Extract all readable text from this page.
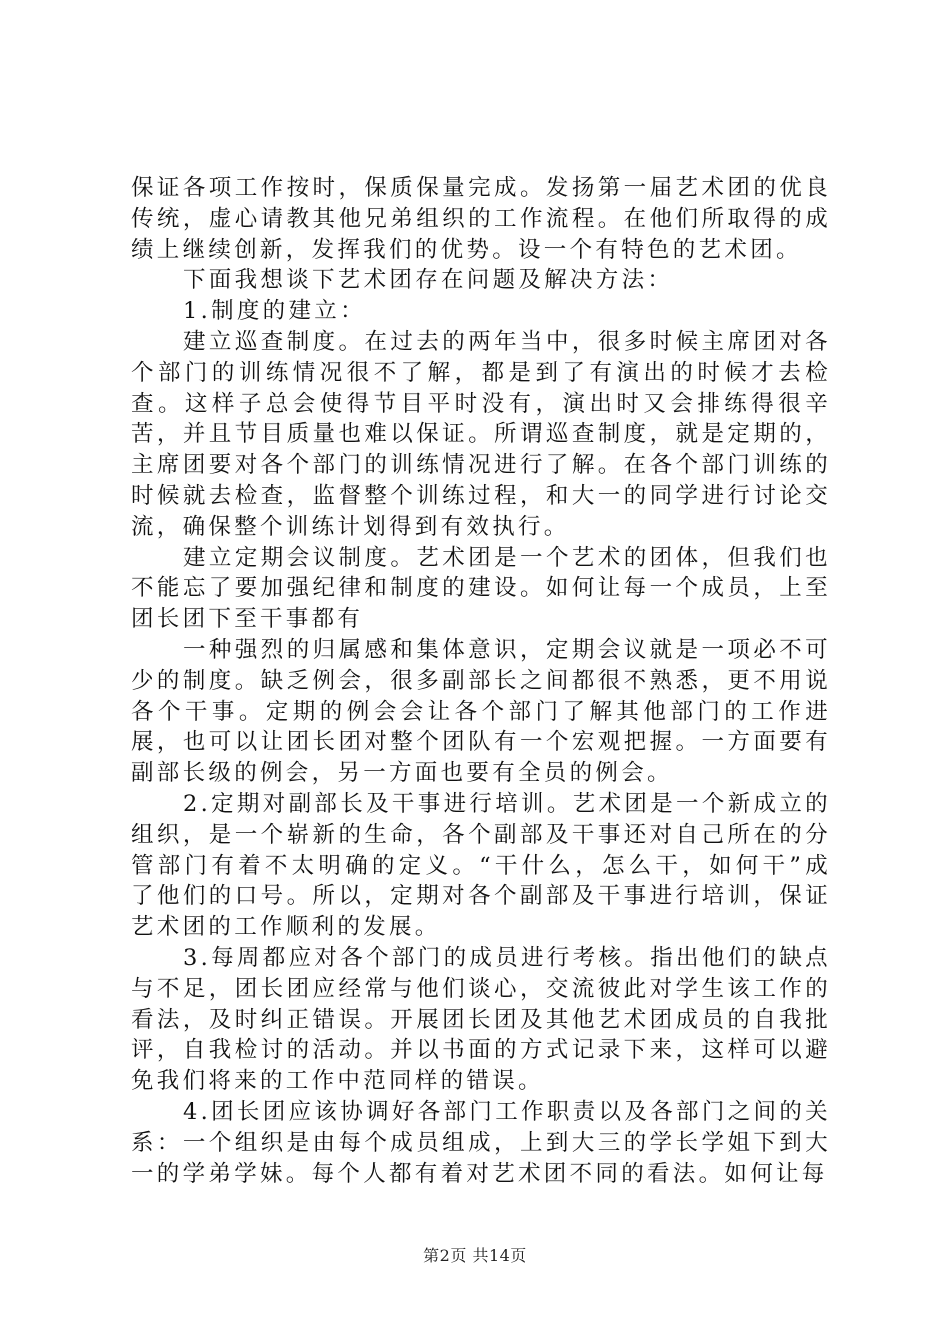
保证各项工作按时，保质保量完成。发扬第一届艺术团的优良传统，虚心请教其他兄弟组织的工作流程。在他们所取得的成绩上继续创新，发挥我们的优势。设一个有特色的艺术团。

下面我想谈下艺术团存在问题及解决方法：

1.制度的建立：

建立巡查制度。在过去的两年当中，很多时候主席团对各个部门的训练情况很不了解，都是到了有演出的时候才去检查。这样子总会使得节目平时没有，演出时又会排练得很辛苦，并且节目质量也难以保证。所谓巡查制度，就是定期的，主席团要对各个部门的训练情况进行了解。在各个部门训练的时候就去检查，监督整个训练过程，和大一的同学进行讨论交流，确保整个训练计划得到有效执行。

建立定期会议制度。艺术团是一个艺术的团体，但我们也不能忘了要加强纪律和制度的建设。如何让每一个成员，上至团长团下至干事都有

一种强烈的归属感和集体意识，定期会议就是一项必不可少的制度。缺乏例会，很多副部长之间都很不熟悉，更不用说各个干事。定期的例会会让各个部门了解其他部门的工作进展，也可以让团长团对整个团队有一个宏观把握。一方面要有副部长级的例会，另一方面也要有全员的例会。

2.定期对副部长及干事进行培训。艺术团是一个新成立的组织，是一个崭新的生命，各个副部及干事还对自己所在的分管部门有着不太明确的定义。“干什么，怎么干，如何干”成了他们的口号。所以，定期对各个副部及干事进行培训，保证艺术团的工作顺利的发展。

3.每周都应对各个部门的成员进行考核。指出他们的缺点与不足，团长团应经常与他们谈心，交流彼此对学生该工作的看法，及时纠正错误。开展团长团及其他艺术团成员的自我批评，自我检讨的活动。并以书面的方式记录下来，这样可以避免我们将来的工作中范同样的错误。

4.团长团应该协调好各部门工作职责以及各部门之间的关系：一个组织是由每个成员组成，上到大三的学长学姐下到大一的学弟学妹。每个人都有着对艺术团不同的看法。如何让每

第2页 共14页
